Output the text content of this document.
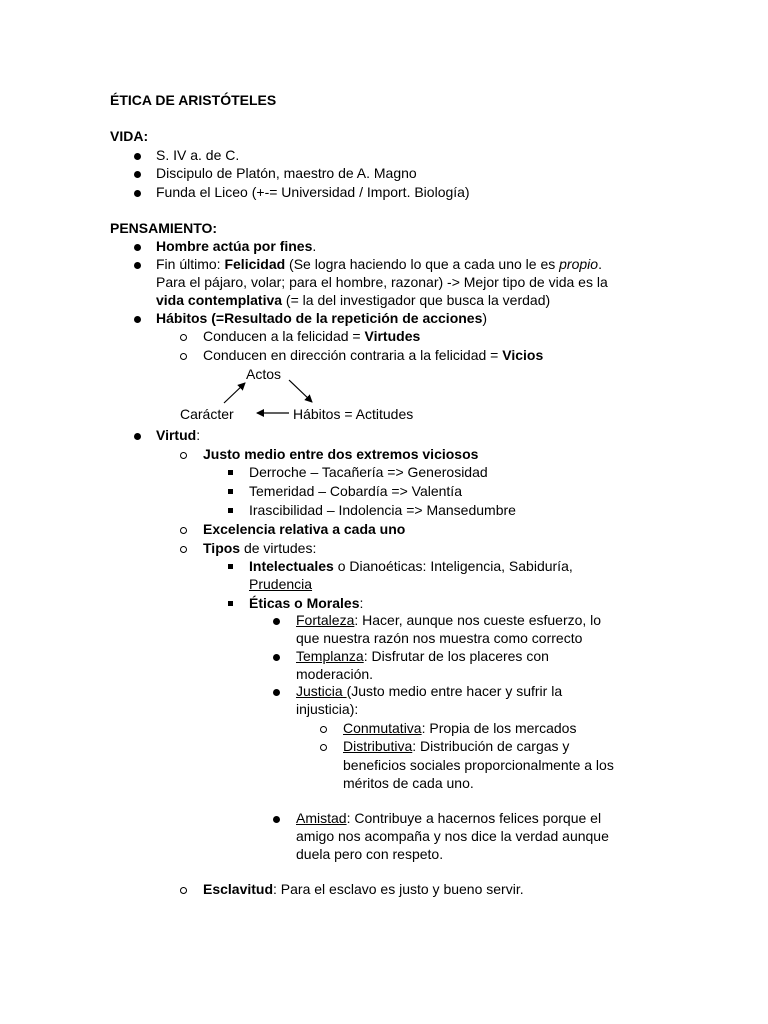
ÉTICA DE ARISTÓTELES
VIDA:
S. IV a. de C.
Discipulo de Platón, maestro de A. Magno
Funda el Liceo (+-= Universidad / Import. Biología)
PENSAMIENTO:
Hombre actúa por fines.
Fin último: Felicidad (Se logra haciendo lo que a cada uno le es propio.
Para el pájaro, volar; para el hombre, razonar) -> Mejor tipo de vida es la
vida contemplativa (= la del investigador que busca la verdad)
Hábitos (=Resultado de la repetición de acciones)
Conducen a la felicidad = Virtudes
Conducen en dirección contraria a la felicidad = Vicios
Actos
Carácter	Hábitos = Actitudes
Virtud:
Justo medio entre dos extremos viciosos
Derroche – Tacañería => Generosidad
Temeridad – Cobardía => Valentía
Irascibilidad – Indolencia => Mansedumbre
Excelencia relativa a cada uno
Tipos de virtudes:
Intelectuales o Dianoéticas: Inteligencia, Sabiduría,
Prudencia
Éticas o Morales:
Fortaleza: Hacer, aunque nos cueste esfuerzo, lo
que nuestra razón nos muestra como correcto
Templanza: Disfrutar de los placeres con
moderación.
Justicia (Justo medio entre hacer y sufrir la
injusticia):
Conmutativa: Propia de los mercados
Distributiva: Distribución de cargas y
beneficios sociales proporcionalmente a los
méritos de cada uno.
Amistad: Contribuye a hacernos felices porque el
amigo nos acompaña y nos dice la verdad aunque
duela pero con respeto.
Esclavitud: Para el esclavo es justo y bueno servir.
